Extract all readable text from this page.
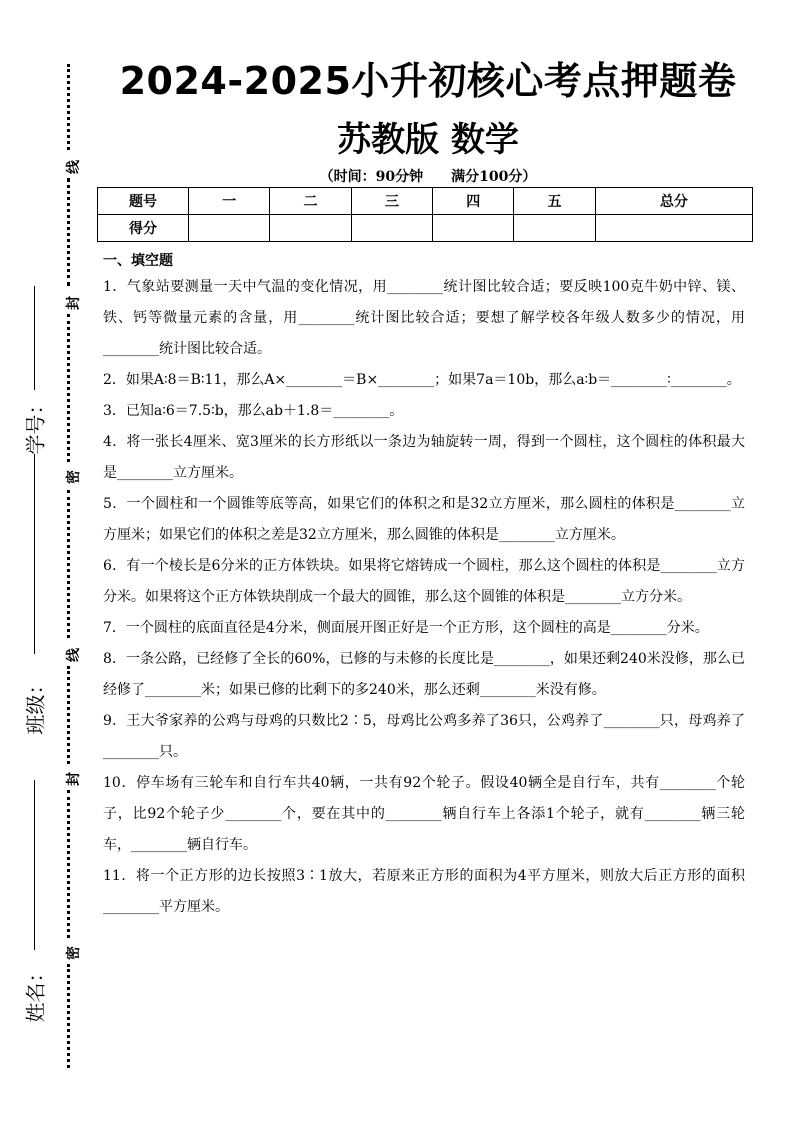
线
封
密
线
封
密
学号：
班级：
姓名：
2024-2025小升初核心考点押题卷
苏教版 数学
（时间：90分钟　　满分100分）
题号	一	二	三	四	五	总分
得分						
一、填空题

1．气象站要测量一天中气温的变化情况，用________统计图比较合适；要反映100克牛奶中锌、镁、铁、钙等微量元素的含量，用________统计图比较合适；要想了解学校各年级人数多少的情况，用________统计图比较合适。

2．如果A∶8＝B∶11，那么A×________＝B×________；如果7a＝10b，那么a∶b＝________∶________。

3．已知a∶6＝7.5∶b，那么ab＋1.8＝________。

4．将一张长4厘米、宽3厘米的长方形纸以一条边为轴旋转一周，得到一个圆柱，这个圆柱的体积最大是________立方厘米。

5．一个圆柱和一个圆锥等底等高，如果它们的体积之和是32立方厘米，那么圆柱的体积是________立方厘米；如果它们的体积之差是32立方厘米，那么圆锥的体积是________立方厘米。

6．有一个棱长是6分米的正方体铁块。如果将它熔铸成一个圆柱，那么这个圆柱的体积是________立方分米。如果将这个正方体铁块削成一个最大的圆锥，那么这个圆锥的体积是________立方分米。

7．一个圆柱的底面直径是4分米，侧面展开图正好是一个正方形，这个圆柱的高是________分米。

8．一条公路，已经修了全长的60%，已修的与未修的长度比是________，如果还剩240米没修，那么已经修了________米；如果已修的比剩下的多240米，那么还剩________米没有修。

9．王大爷家养的公鸡与母鸡的只数比2∶5，母鸡比公鸡多养了36只，公鸡养了________只，母鸡养了________只。

10．停车场有三轮车和自行车共40辆，一共有92个轮子。假设40辆全是自行车，共有________个轮子，比92个轮子少________个，要在其中的________辆自行车上各添1个轮子，就有________辆三轮车，________辆自行车。

11．将一个正方形的边长按照3∶1放大，若原来正方形的面积为4平方厘米，则放大后正方形的面积 ________平方厘米。
